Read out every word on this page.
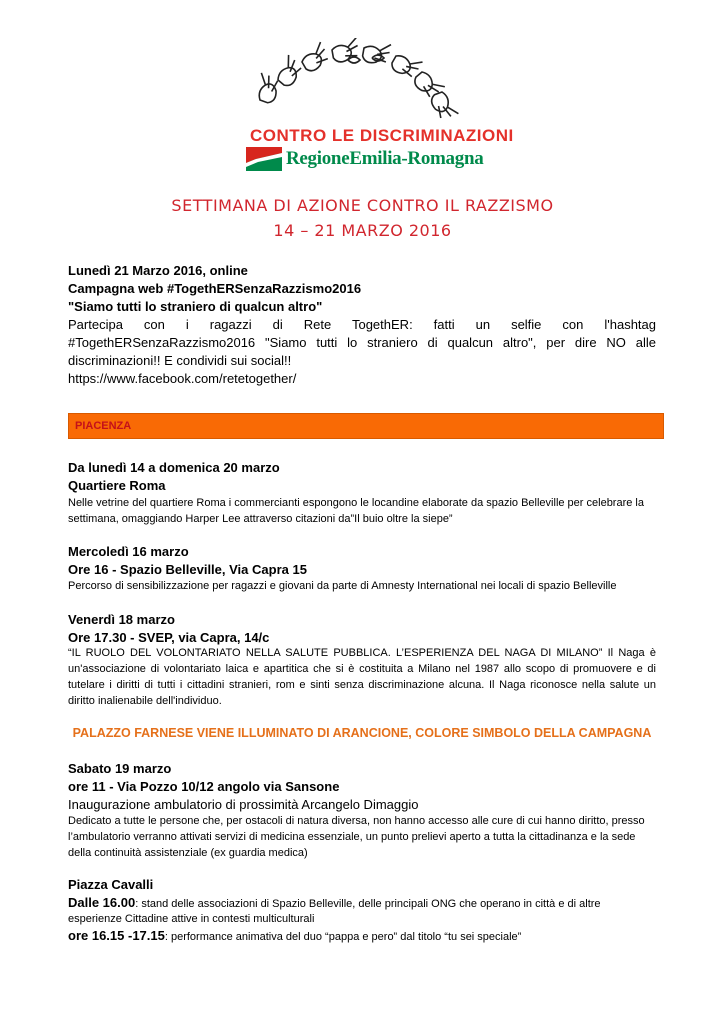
CONTRO LE DISCRIMINAZIONI
RegioneEmilia-Romagna
SETTIMANA DI AZIONE CONTRO IL RAZZISMO
14 – 21 MARZO 2016
Lunedì 21 Marzo 2016, online
Campagna web #TogethERSenzaRazzismo2016
"Siamo tutti lo straniero di qualcun altro"
Partecipa con i ragazzi di Rete TogethER: fatti un selfie con l'hashtag
#TogethERSenzaRazzismo2016 "Siamo tutti lo straniero di qualcun altro", per dire NO alle
discriminazioni!! E condividi sui social!!
https://www.facebook.com/retetogether/
PIACENZA
Da lunedì 14 a domenica 20 marzo
Quartiere Roma
Nelle vetrine del quartiere Roma i commercianti espongono le locandine elaborate da spazio Belleville per celebrare la
settimana, omaggiando Harper Lee attraverso citazioni da”Il buio oltre la siepe”
Mercoledì 16 marzo
Ore 16 - Spazio Belleville, Via Capra 15
Percorso di sensibilizzazione per ragazzi e giovani da parte di Amnesty International nei locali di spazio Belleville
Venerdì 18 marzo
Ore 17.30 - SVEP, via Capra, 14/c
“IL RUOLO DEL VOLONTARIATO NELLA SALUTE PUBBLICA. L’ESPERIENZA DEL NAGA DI MILANO” Il Naga è
un'associazione di volontariato laica e apartitica che si è costituita a Milano nel 1987 allo scopo di promuovere e di
tutelare i diritti di tutti i cittadini stranieri, rom e sinti senza discriminazione alcuna. Il Naga riconosce nella salute un
diritto inalienabile dell'individuo.
PALAZZO FARNESE VIENE ILLUMINATO DI ARANCIONE, COLORE SIMBOLO DELLA CAMPAGNA
Sabato 19 marzo
ore 11 - Via Pozzo 10/12 angolo via Sansone
Inaugurazione ambulatorio di prossimità Arcangelo Dimaggio
Dedicato a tutte le persone che, per ostacoli di natura diversa, non hanno accesso alle cure di cui hanno diritto, presso
l’ambulatorio verranno attivati servizi di medicina essenziale, un punto prelievi aperto a tutta la cittadinanza e la sede
della continuità assistenziale (ex guardia medica)
Piazza Cavalli
Dalle 16.00: stand delle associazioni di Spazio Belleville, delle principali ONG che operano in città e di altre
esperienze Cittadine attive in contesti multiculturali
ore 16.15 -17.15: performance animativa del duo “pappa e pero” dal titolo “tu sei speciale”
